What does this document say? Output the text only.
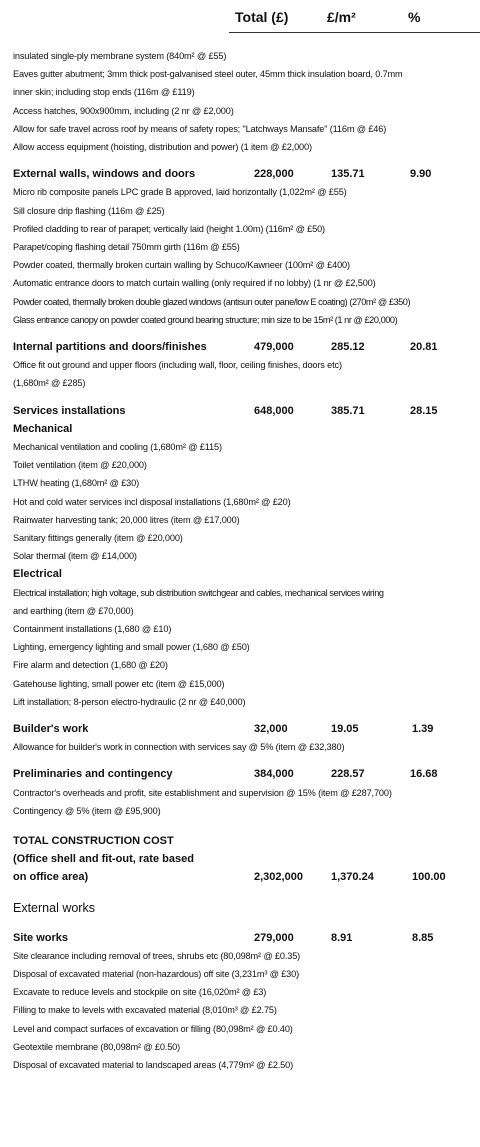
Total (£)	£/m²	%
insulated single-ply membrane system (840m² @ £55)
Eaves gutter abutment; 3mm thick post-galvanised steel outer, 45mm thick insulation board, 0.7mm
inner skin; including stop ends (116m @ £119)
Access hatches, 900x900mm, including (2 nr @ £2,000)
Allow for safe travel across roof by means of safety ropes; "Latchways Mansafe" (116m @ £46)
Allow access equipment (hoisting, distribution and power) (1 item @ £2,000)
External walls, windows and doors	228,000	135.71	9.90
Micro rib composite panels LPC grade B approved, laid horizontally (1,022m² @ £55)
Sill closure drip flashing (116m @ £25)
Profiled cladding to rear of parapet; vertically laid (height 1.00m) (116m² @ £50)
Parapet/coping flashing detail 750mm girth (116m @ £55)
Powder coated, thermally broken curtain walling by Schuco/Kawneer (100m² @ £400)
Automatic entrance doors to match curtain walling (only required if no lobby) (1 nr @ £2,500)
Powder coated, thermally broken double glazed windows (antisun outer pane/low E coating) (270m² @ £350)
Glass entrance canopy on powder coated ground bearing structure; min size to be 15m² (1 nr @ £20,000)
Internal partitions and doors/finishes	479,000	285.12	20.81
Office fit out ground and upper floors (including wall, floor, ceiling finishes, doors etc)
(1,680m² @ £285)
Services installations	648,000	385.71	28.15
Mechanical
Mechanical ventilation and cooling (1,680m² @ £115)
Toilet ventilation (item @ £20,000)
LTHW heating (1,680m² @ £30)
Hot and cold water services incl disposal installations (1,680m² @ £20)
Rainwater harvesting tank; 20,000 litres (item @ £17,000)
Sanitary fittings generally (item @ £20,000)
Solar thermal (item @ £14,000)
Electrical
Electrical installation; high voltage, sub distribution switchgear and cables, mechanical services wiring
and earthing (item @ £70,000)
Containment installations (1,680 @ £10)
Lighting, emergency lighting and small power (1,680 @ £50)
Fire alarm and detection (1,680 @ £20)
Gatehouse lighting, small power etc (item @ £15,000)
Lift installation; 8-person electro-hydraulic (2 nr @ £40,000)
Builder's work	32,000	19.05	1.39
Allowance for builder's work in connection with services say @ 5% (item @ £32,380)
Preliminaries and contingency	384,000	228.57	16.68
Contractor's overheads and profit, site establishment and supervision @ 15% (item @ £287,700)
Contingency @ 5% (item @ £95,900)
TOTAL CONSTRUCTION COST
(Office shell and fit-out, rate based
on office area)	2,302,000	1,370.24	100.00
External works
Site works	279,000	8.91	8.85
Site clearance including removal of trees, shrubs etc (80,098m² @ £0.35)
Disposal of excavated material (non-hazardous) off site (3,231m³ @ £30)
Excavate to reduce levels and stockpile on site (16,020m² @ £3)
Filling to make to levels with excavated material (8,010m³ @ £2.75)
Level and compact surfaces of excavation or filling (80,098m² @ £0.40)
Geotextile membrane (80,098m² @ £0.50)
Disposal of excavated material to landscaped areas (4,779m² @ £2.50)
